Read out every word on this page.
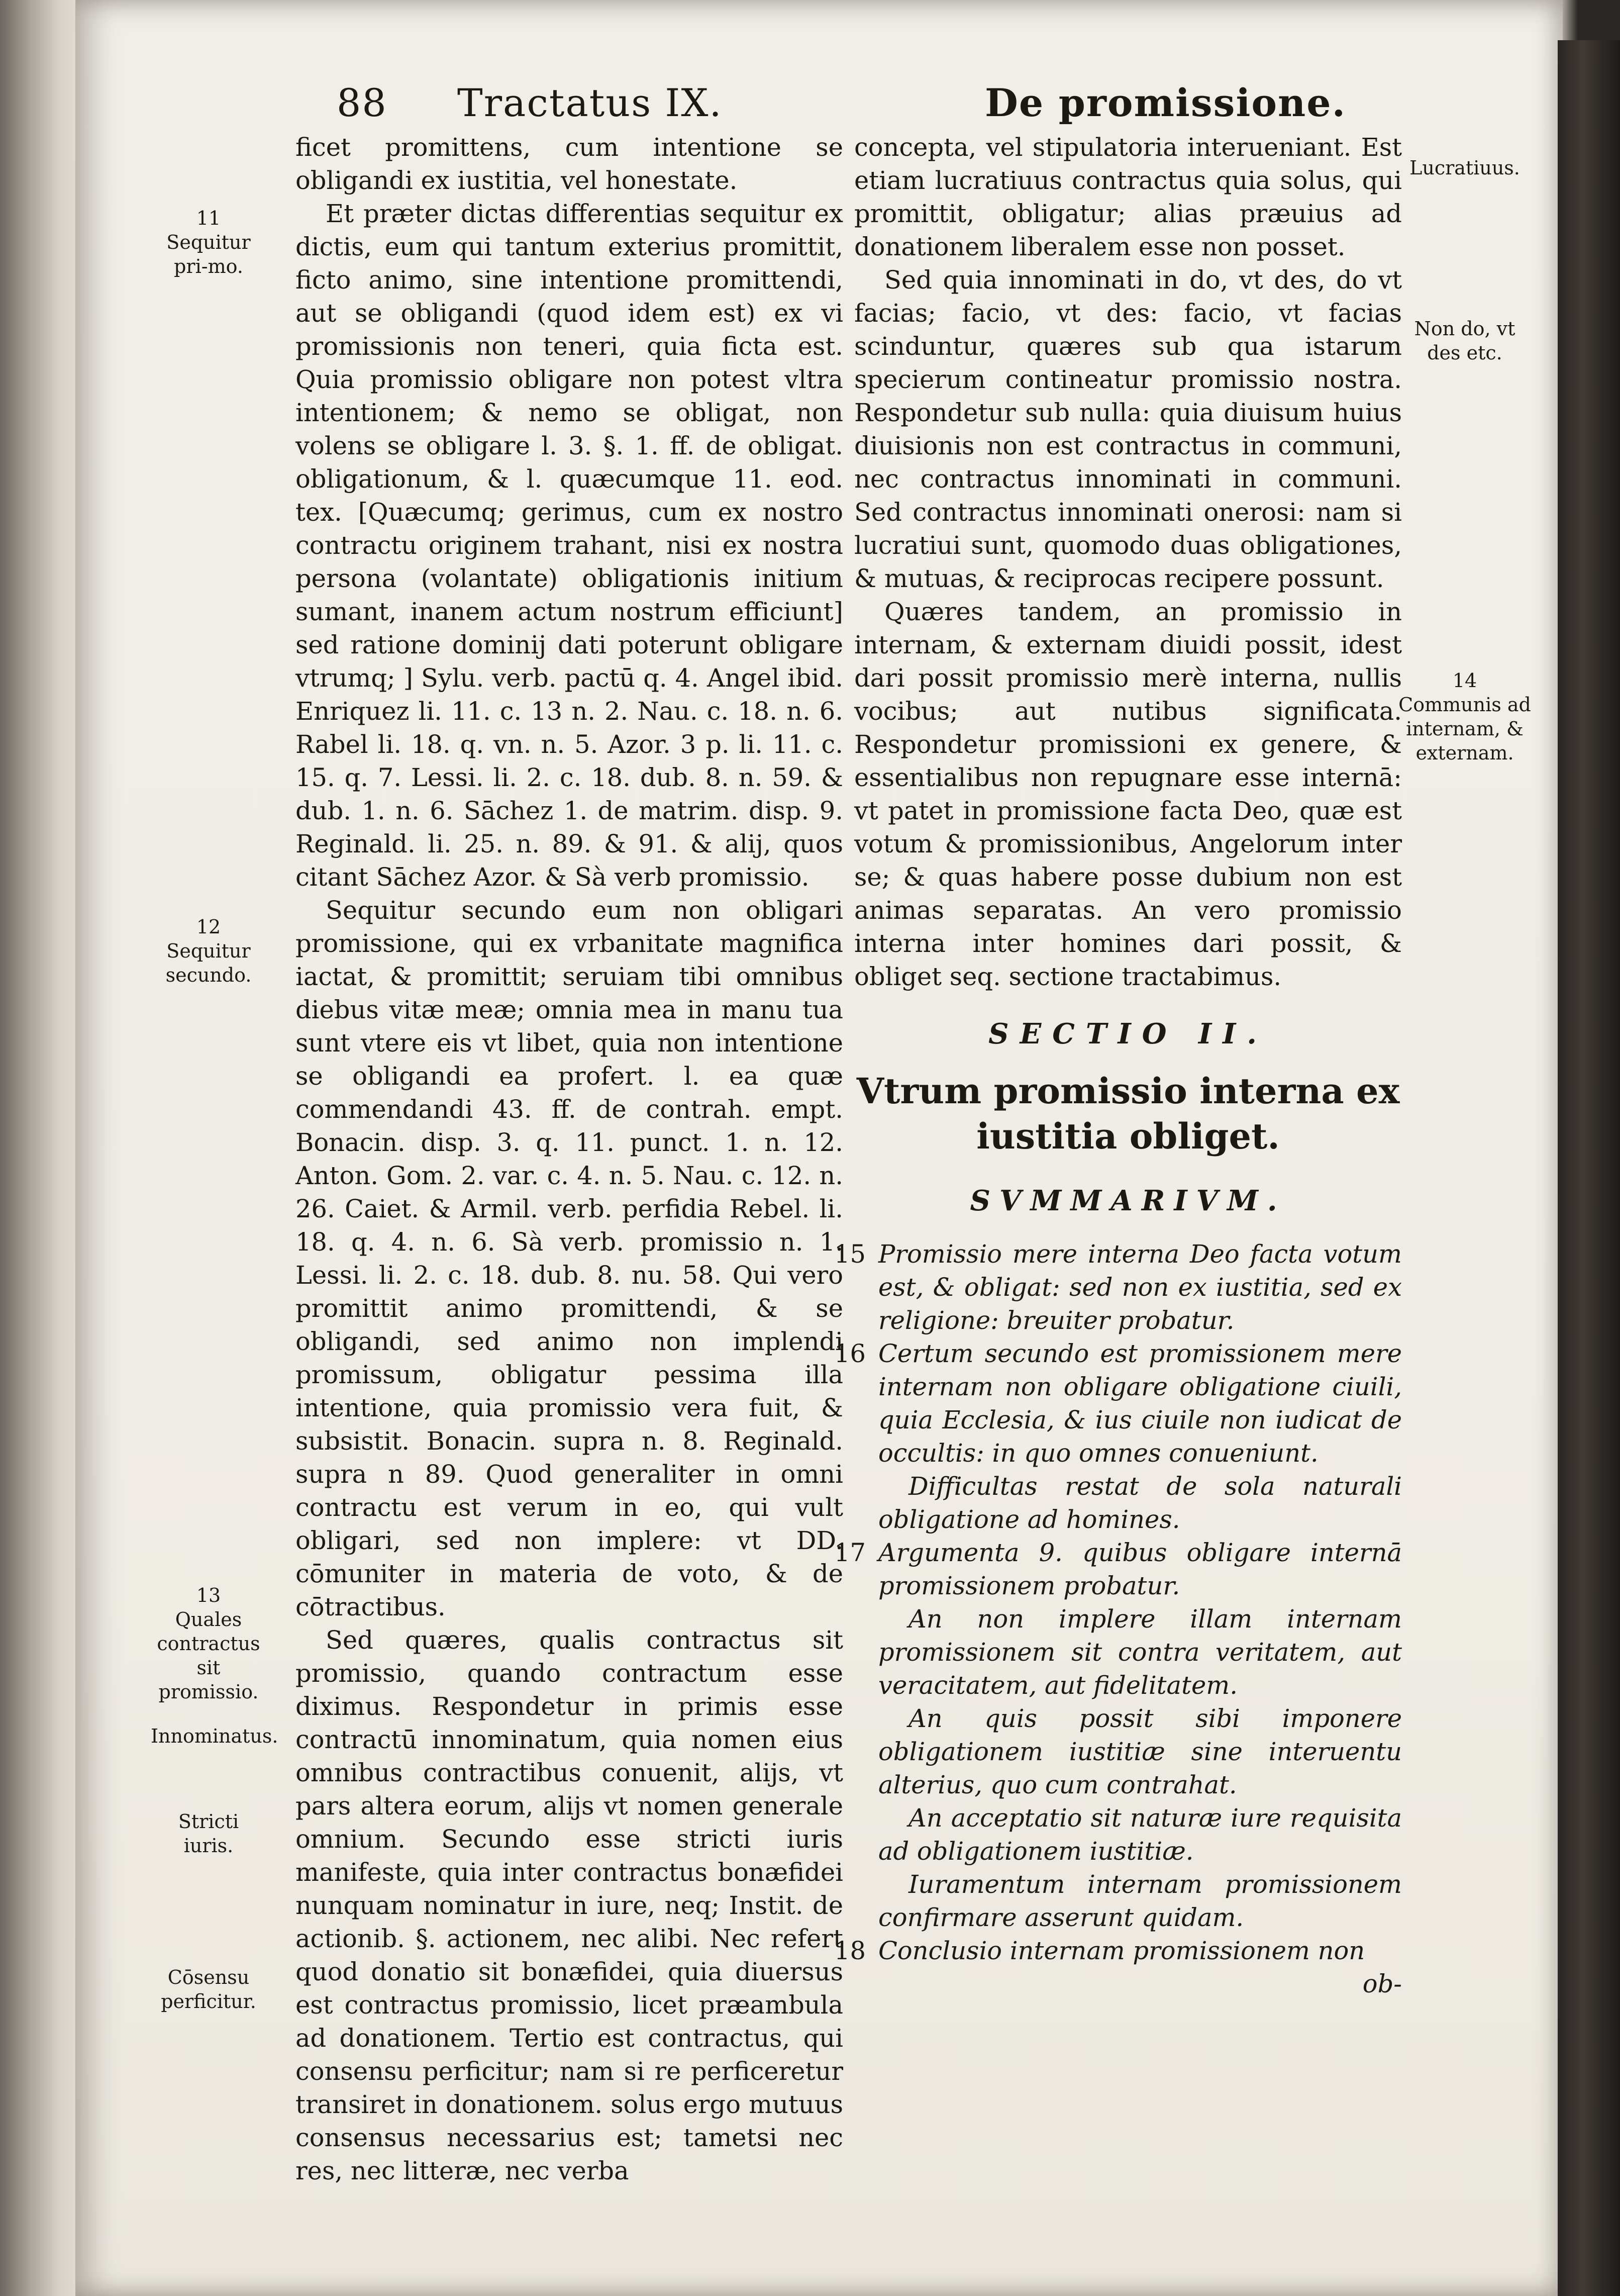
88 Tractatus IX.	De promissione.
11
Sequitur pri-mo.
12
Sequitur secundo.
13
Quales contractus sit promissio.
Innominatus.
Stricti iuris.
Cōsensu perficitur.
Lucratiuus.
Non do, vt des etc.
14
Communis ad internam, & externam.

ficet promittens, cum intentione se obligandi ex iustitia, vel honestate.

Et præter dictas differentias sequitur ex dictis, eum qui tantum exterius promittit, ficto animo, sine intentione promittendi, aut se obligandi (quod idem est) ex vi promissionis non teneri, quia ficta est. Quia promissio obligare non potest vltra intentionem; & nemo se obligat, non volens se obligare l. 3. §. 1. ff. de obligat. obligationum, & l. quæcumque 11. eod. tex. [Quæcumq; gerimus, cum ex nostro contractu originem trahant, nisi ex nostra persona (volantate) obligationis initium sumant, inanem actum nostrum efficiunt] sed ratione dominij dati poterunt obligare vtrumq; ] Sylu. verb. pactū q. 4. Angel ibid. Enriquez li. 11. c. 13 n. 2. Nau. c. 18. n. 6. Rabel li. 18. q. vn. n. 5. Azor. 3 p. li. 11. c. 15. q. 7. Lessi. li. 2. c. 18. dub. 8. n. 59. & dub. 1. n. 6. Sāchez 1. de matrim. disp. 9. Reginald. li. 25. n. 89. & 91. & alij, quos citant Sāchez Azor. & Sà verb promissio.

Sequitur secundo eum non obligari promissione, qui ex vrbanitate magnifica iactat, & promittit; seruiam tibi omnibus diebus vitæ meæ; omnia mea in manu tua sunt vtere eis vt libet, quia non intentione se obligandi ea profert. l. ea quæ commendandi 43. ff. de contrah. empt. Bonacin. disp. 3. q. 11. punct. 1. n. 12. Anton. Gom. 2. var. c. 4. n. 5. Nau. c. 12. n. 26. Caiet. & Armil. verb. perfidia Rebel. li. 18. q. 4. n. 6. Sà verb. promissio n. 1. Lessi. li. 2. c. 18. dub. 8. nu. 58. Qui vero promittit animo promittendi, & se obligandi, sed animo non implendi promissum, obligatur pessima illa intentione, quia promissio vera fuit, & subsistit. Bonacin. supra n. 8. Reginald. supra n 89. Quod generaliter in omni contractu est verum in eo, qui vult obligari, sed non implere: vt DD. cōmuniter in materia de voto, & de cōtractibus.

Sed quæres, qualis contractus sit promissio, quando contractum esse diximus. Respondetur in primis esse contractū innominatum, quia nomen eius omnibus contractibus conuenit, alijs, vt pars altera eorum, alijs vt nomen generale omnium. Secundo esse stricti iuris manifeste, quia inter contractus bonæfidei nunquam nominatur in iure, neq; Instit. de actionib. §. actionem, nec alibi. Nec refert quod donatio sit bonæfidei, quia diuersus est contractus promissio, licet præambula ad donationem. Tertio est contractus, qui consensu perficitur; nam si re perficeretur transiret in donationem. solus ergo mutuus consensus necessarius est; tametsi nec res, nec litteræ, nec verba

concepta, vel stipulatoria interueniant. Est etiam lucratiuus contractus quia solus, qui promittit, obligatur; alias præuius ad donationem liberalem esse non posset.

Sed quia innominati in do, vt des, do vt facias; facio, vt des: facio, vt facias scinduntur, quæres sub qua istarum specierum contineatur promissio nostra. Respondetur sub nulla: quia diuisum huius diuisionis non est contractus in communi, nec contractus innominati in communi. Sed contractus innominati onerosi: nam si lucratiui sunt, quomodo duas obligationes, & mutuas, & reciprocas recipere possunt.

Quæres tandem, an promissio in internam, & externam diuidi possit, idest dari possit promissio merè interna, nullis vocibus; aut nutibus significata. Respondetur promissioni ex genere, & essentialibus non repugnare esse internā: vt patet in promissione facta Deo, quæ est votum & promissionibus, Angelorum inter se; & quas habere posse dubium non est animas separatas. An vero promissio interna inter homines dari possit, & obliget seq. sectione tractabimus.

SECTIO II.
Vtrum promissio interna ex
iustitia obliget.
SVMMARIVM.

15 Promissio mere interna Deo facta votum est, & obligat: sed non ex iustitia, sed ex religione: breuiter probatur.

16 Certum secundo est promissionem mere internam non obligare obligatione ciuili, quia Ecclesia, & ius ciuile non iudicat de occultis: in quo omnes conueniunt.

Difficultas restat de sola naturali obligatione ad homines.

17 Argumenta 9. quibus obligare internā promissionem probatur.

An non implere illam internam promissionem sit contra veritatem, aut veracitatem, aut fidelitatem.

An quis possit sibi imponere obligationem iustitiæ sine interuentu alterius, quo cum contrahat.

An acceptatio sit naturæ iure requisita ad obligationem iustitiæ.

Iuramentum internam promissionem confirmare asserunt quidam.

18 Conclusio internam promissionem non

ob-
